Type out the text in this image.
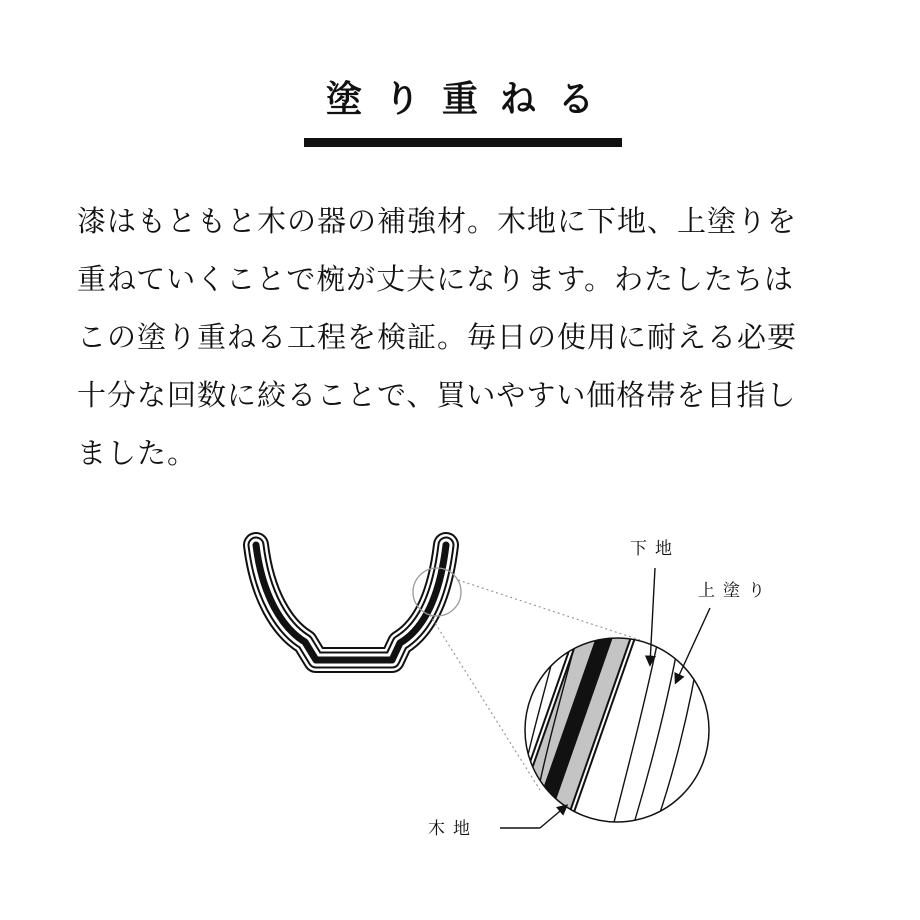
塗り重ねる

漆はもともと木の器の補強材。木地に下地、上塗りを

重ねていくことで椀が丈夫になります。わたしたちは

この塗り重ねる工程を検証。毎日の使用に耐える必要

十分な回数に絞ることで、買いやすい価格帯を目指し

ました。

下地
上塗り
木地
